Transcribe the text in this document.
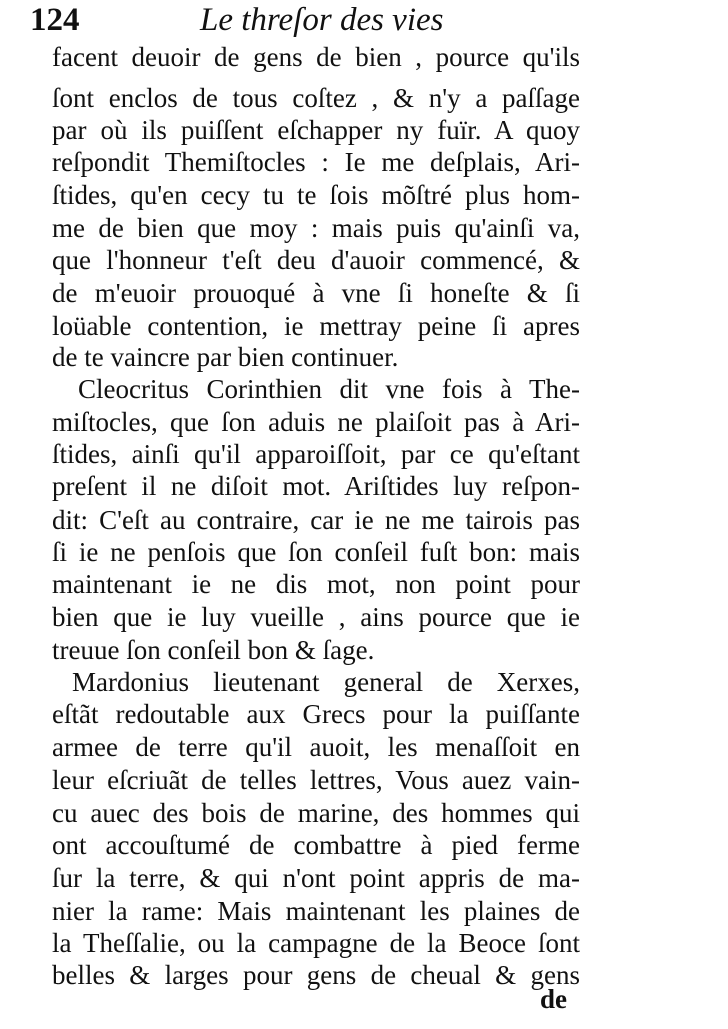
124	Le threſor des vies
facent deuoir de gens de bien , pource qu'ils
ſont enclos de tous coſtez , & n'y a paſſage
par où ils puiſſent eſchapper ny fuïr. A quoy
reſpondit Themiſtocles : Ie me deſplais, Ari-
ſtides, qu'en cecy tu te ſois mõſtré plus hom-
me de bien que moy : mais puis qu'ainſi va,
que l'honneur t'eſt deu d'auoir commencé, &
de m'euoir prouoqué à vne ſi honeſte & ſi
loüable contention, ie mettray peine ſi apres
de te vaincre par bien continuer.
Cleocritus Corinthien dit vne fois à The-
miſtocles, que ſon aduis ne plaiſoit pas à Ari-
ſtides, ainſi qu'il apparoiſſoit, par ce qu'eſtant
preſent il ne diſoit mot. Ariſtides luy reſpon-
dit: C'eſt au contraire, car ie ne me tairois pas
ſi ie ne penſois que ſon conſeil fuſt bon: mais
maintenant ie ne dis mot, non point pour
bien que ie luy vueille , ains pource que ie
treuue ſon conſeil bon & ſage.
Mardonius lieutenant general de Xerxes,
eſtãt redoutable aux Grecs pour la puiſſante
armee de terre qu'il auoit, les menaſſoit en
leur eſcriuãt de telles lettres, Vous auez vain-
cu auec des bois de marine, des hommes qui
ont accouſtumé de combattre à pied ferme
ſur la terre, & qui n'ont point appris de ma-
nier la rame: Mais maintenant les plaines de
la Theſſalie, ou la campagne de la Beoce ſont
belles & larges pour gens de cheual & gens
de
